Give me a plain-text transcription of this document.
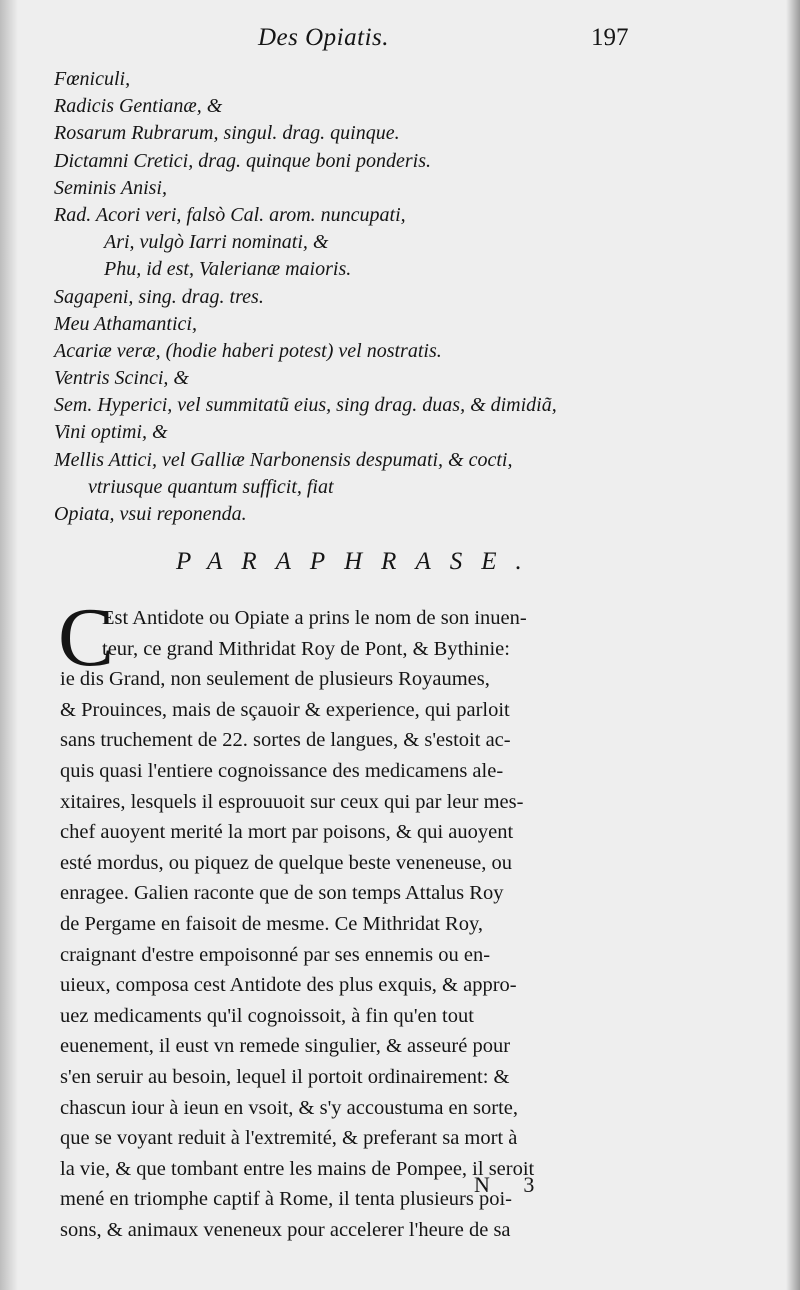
Des Opiatis.	197
Fœniculi,
Radicis Gentianæ, &
Rosarum Rubrarum, singul. drag. quinque.
Dictamni Cretici, drag. quinque boni ponderis.
Seminis Anisi,
Rad. Acori veri, falsò Cal. arom. nuncupati,
Ari, vulgò Iarri nominati, &
Phu, id est, Valerianæ maioris.
Sagapeni, sing. drag. tres.
Meu Athamantici,
Acariæ veræ, (hodie haberi potest) vel nostratis.
Ventris Scinci, &
Sem. Hyperici, vel summitatũ eius, sing drag. duas, & dimidiã,
Vini optimi, &
Mellis Attici, vel Galliæ Narbonensis despumati, & cocti,
vtriusque quantum sufficit, fiat
Opiata, vsui reponenda.
PARAPHRASE.
C
Est Antidote ou Opiate a prins le nom de son inuen-
teur, ce grand Mithridat Roy de Pont, & Bythinie:
ie dis Grand, non seulement de plusieurs Royaumes,
& Prouinces, mais de sçauoir & experience, qui parloit
sans truchement de 22. sortes de langues, & s'estoit ac-
quis quasi l'entiere cognoissance des medicamens ale-
xitaires, lesquels il esprouuoit sur ceux qui par leur mes-
chef auoyent merité la mort par poisons, & qui auoyent
esté mordus, ou piquez de quelque beste veneneuse, ou
enragee. Galien raconte que de son temps Attalus Roy
de Pergame en faisoit de mesme. Ce Mithridat Roy,
craignant d'estre empoisonné par ses ennemis ou en-
uieux, composa cest Antidote des plus exquis, & appro-
uez medicaments qu'il cognoissoit, à fin qu'en tout
euenement, il eust vn remede singulier, & asseuré pour
s'en seruir au besoin, lequel il portoit ordinairement: &
chascun iour à ieun en vsoit, & s'y accoustuma en sorte,
que se voyant reduit à l'extremité, & preferant sa mort à
la vie, & que tombant entre les mains de Pompee, il seroit
mené en triomphe captif à Rome, il tenta plusieurs poi-
sons, & animaux veneneux pour accelerer l'heure de sa
N 3
